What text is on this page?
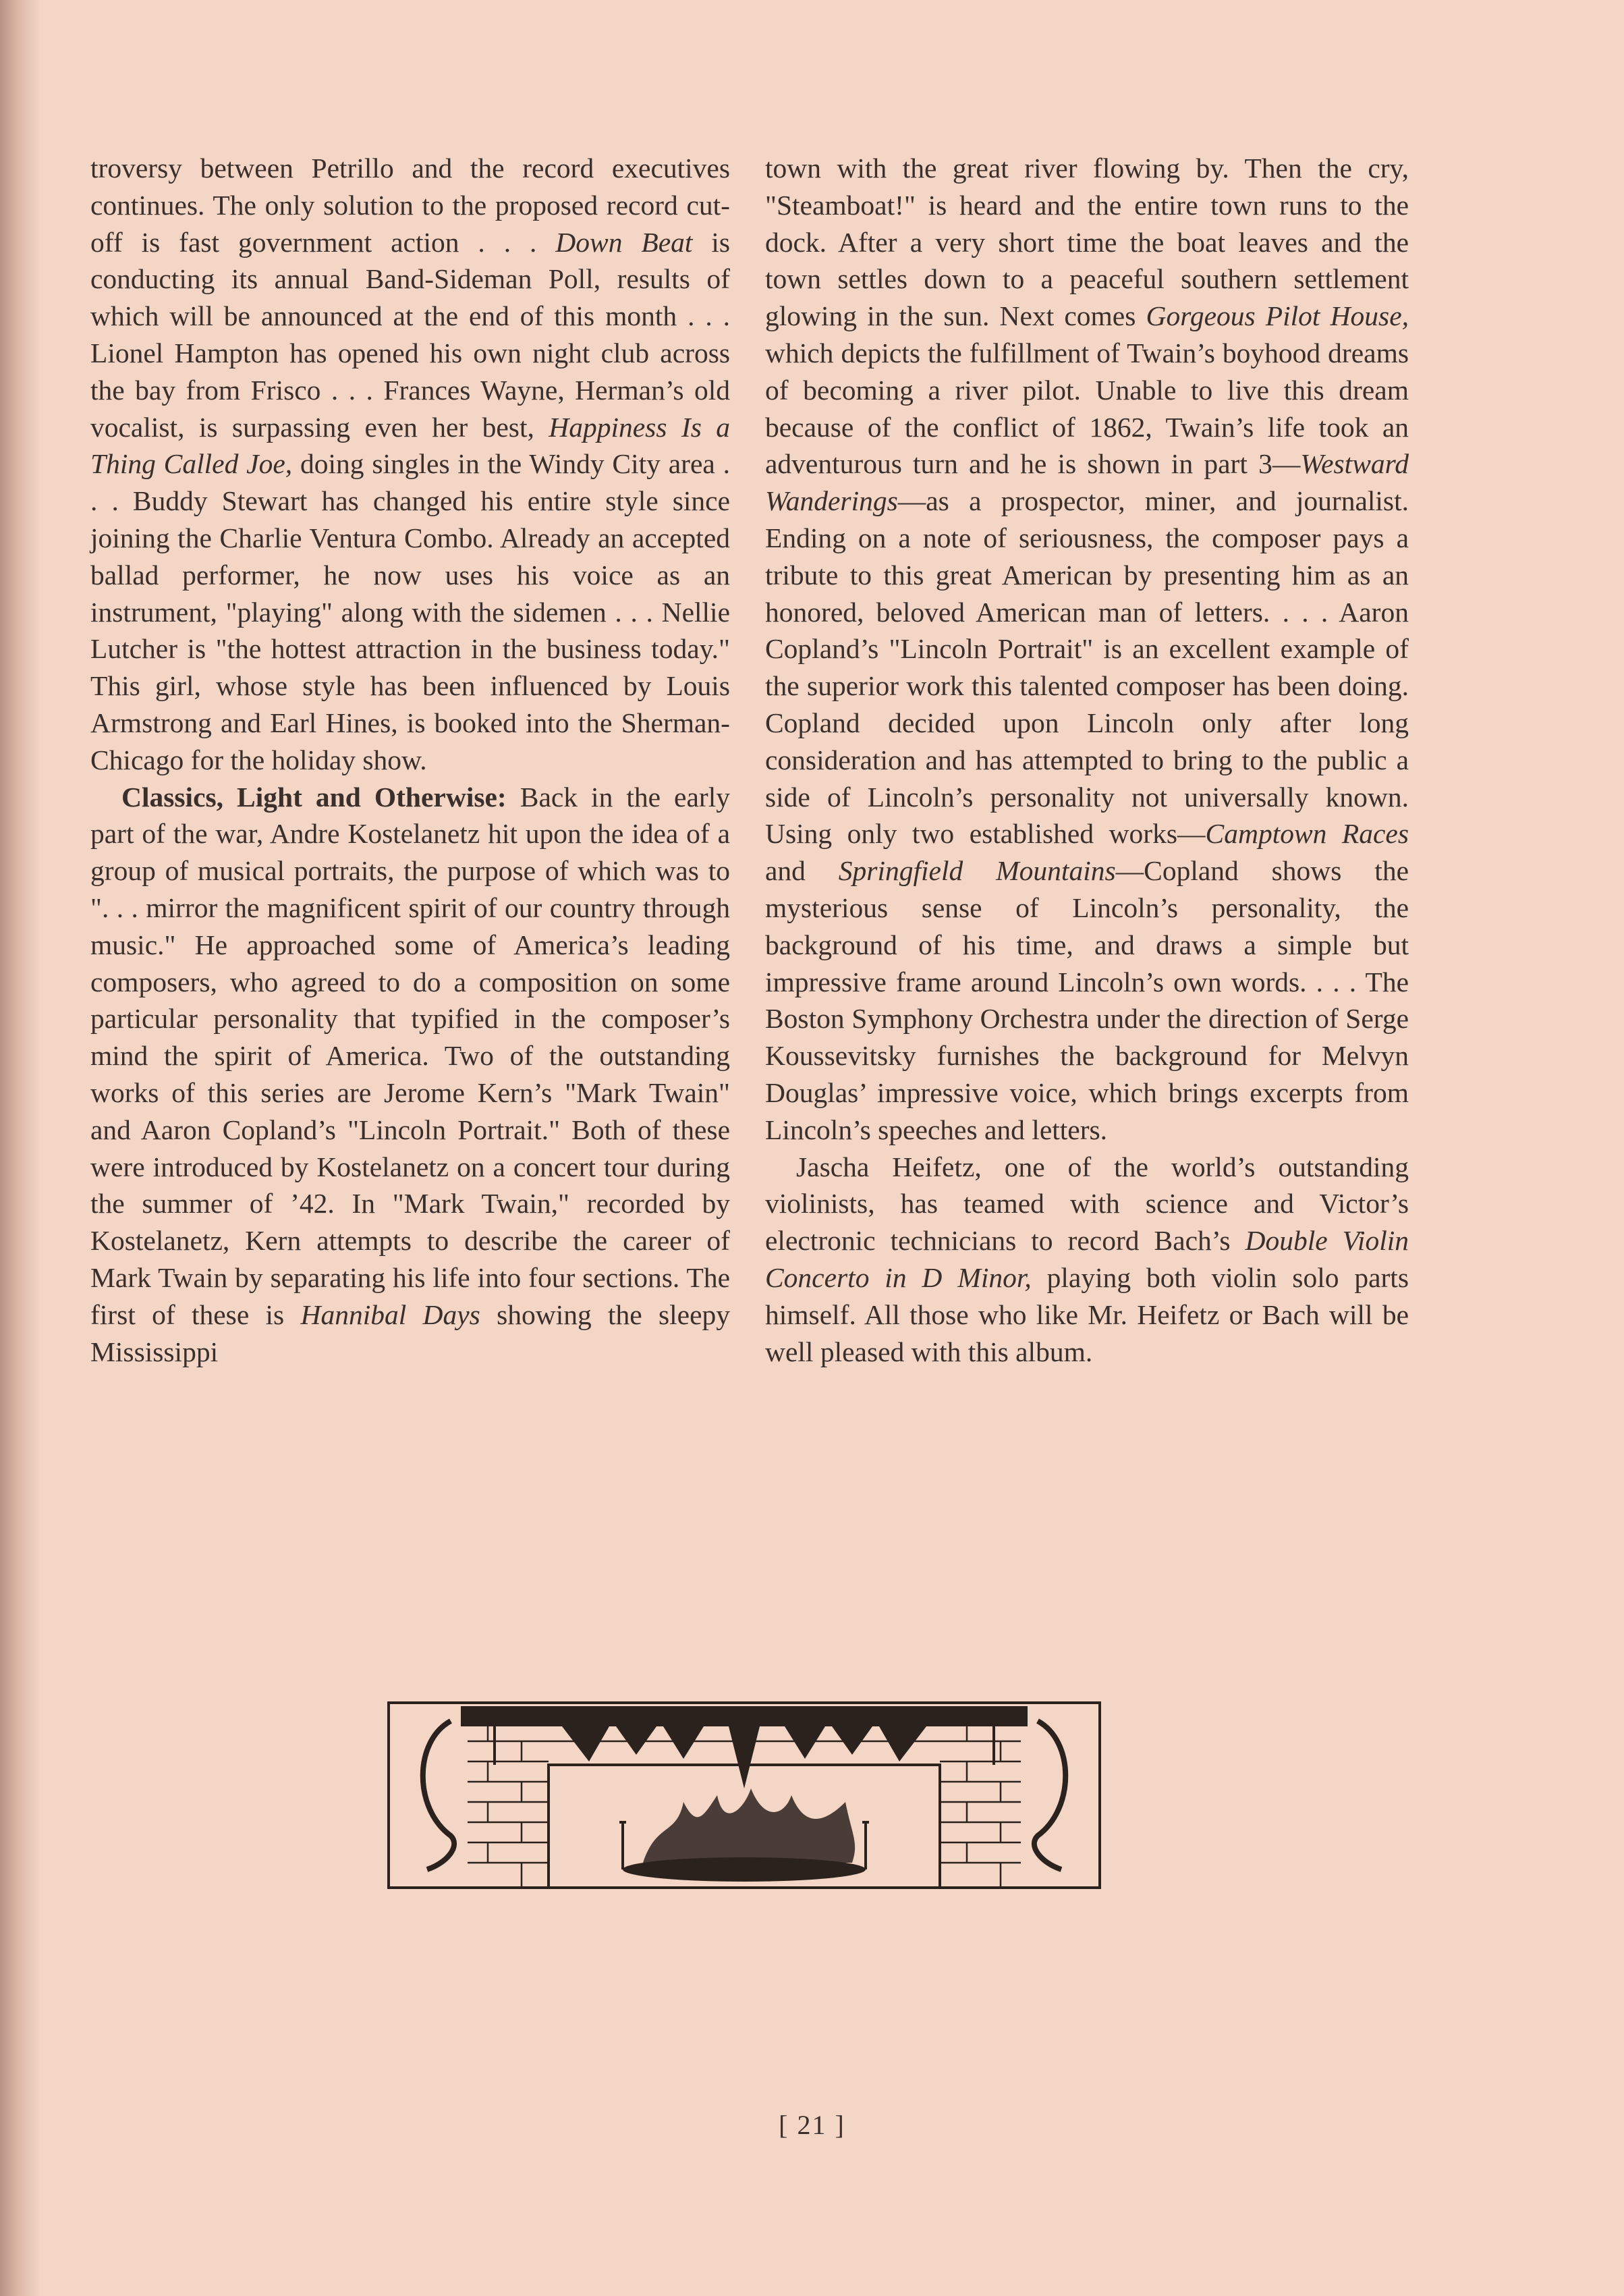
troversy between Petrillo and the record executives continues. The only solution to the proposed record cut-off is fast government action . . . Down Beat is conducting its annual Band-Sideman Poll, results of which will be announced at the end of this month . . . Lionel Hampton has opened his own night club across the bay from Frisco . . . Frances Wayne, Herman’s old vocalist, is surpassing even her best, Happiness Is a Thing Called Joe, doing singles in the Windy City area . . . Buddy Stewart has changed his entire style since joining the Charlie Ventura Combo. Already an accepted ballad performer, he now uses his voice as an instrument, "playing" along with the sidemen . . . Nellie Lutcher is "the hottest attraction in the business today." This girl, whose style has been influenced by Louis Armstrong and Earl Hines, is booked into the Sherman-Chicago for the holiday show.

Classics, Light and Otherwise: Back in the early part of the war, Andre Kostelanetz hit upon the idea of a group of musical portraits, the purpose of which was to ". . . mirror the magnificent spirit of our country through music." He approached some of America’s leading composers, who agreed to do a composition on some particular personality that typified in the composer’s mind the spirit of America. Two of the outstanding works of this series are Jerome Kern’s "Mark Twain" and Aaron Copland’s "Lincoln Portrait." Both of these were introduced by Kostelanetz on a concert tour during the summer of ’42. In "Mark Twain," recorded by Kostelanetz, Kern attempts to describe the career of Mark Twain by separating his life into four sections. The first of these is Hannibal Days showing the sleepy Mississippi

town with the great river flowing by. Then the cry, "Steamboat!" is heard and the entire town runs to the dock. After a very short time the boat leaves and the town settles down to a peaceful southern settlement glowing in the sun. Next comes Gorgeous Pilot House, which depicts the fulfillment of Twain’s boyhood dreams of becoming a river pilot. Unable to live this dream because of the conflict of 1862, Twain’s life took an adventurous turn and he is shown in part 3—Westward Wanderings—as a prospector, miner, and journalist. Ending on a note of seriousness, the composer pays a tribute to this great American by presenting him as an honored, beloved American man of letters. . . . Aaron Copland’s "Lincoln Portrait" is an excellent example of the superior work this talented composer has been doing. Copland decided upon Lincoln only after long consideration and has attempted to bring to the public a side of Lincoln’s personality not universally known. Using only two established works—Camptown Races and Springfield Mountains—Copland shows the mysterious sense of Lincoln’s personality, the background of his time, and draws a simple but impressive frame around Lincoln’s own words. . . . The Boston Symphony Orchestra under the direction of Serge Koussevitsky furnishes the background for Melvyn Douglas’ impressive voice, which brings excerpts from Lincoln’s speeches and letters.

Jascha Heifetz, one of the world’s outstanding violinists, has teamed with science and Victor’s electronic technicians to record Bach’s Double Violin Concerto in D Minor, playing both violin solo parts himself. All those who like Mr. Heifetz or Bach will be well pleased with this album.

[ 21 ]
